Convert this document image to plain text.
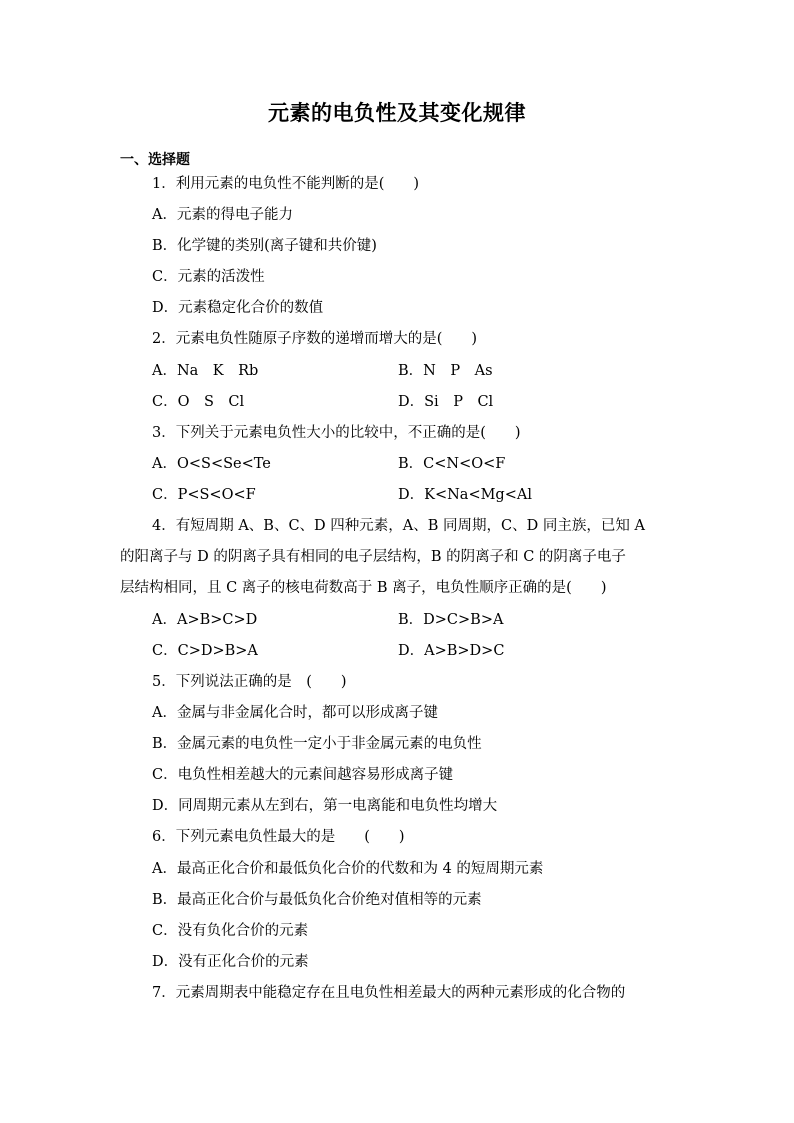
元素的电负性及其变化规律
一、选择题
1．利用元素的电负性不能判断的是(　　)
A．元素的得电子能力
B．化学键的类别(离子键和共价键)
C．元素的活泼性
D．元素稳定化合价的数值
2．元素电负性随原子序数的递增而增大的是(　　)
A．Na　K　Rb	B．N　P　As
C．O　S　Cl	D．Si　P　Cl
3．下列关于元素电负性大小的比较中，不正确的是(　　)
A．O<S<Se<Te	B．C<N<O<F
C．P<S<O<F	D．K<Na<Mg<Al
4．有短周期 A、B、C、D 四种元素，A、B 同周期，C、D 同主族，已知 A
的阳离子与 D 的阴离子具有相同的电子层结构，B 的阴离子和 C 的阴离子电子
层结构相同，且 C 离子的核电荷数高于 B 离子，电负性顺序正确的是(　　)
A．A>B>C>D	B．D>C>B>A
C．C>D>B>A	D．A>B>D>C
5．下列说法正确的是　(　　)
A．金属与非金属化合时，都可以形成离子键
B．金属元素的电负性一定小于非金属元素的电负性
C．电负性相差越大的元素间越容易形成离子键
D．同周期元素从左到右，第一电离能和电负性均增大
6．下列元素电负性最大的是　　(　　)
A．最高正化合价和最低负化合价的代数和为 4 的短周期元素
B．最高正化合价与最低负化合价绝对值相等的元素
C．没有负化合价的元素
D．没有正化合价的元素
7．元素周期表中能稳定存在且电负性相差最大的两种元素形成的化合物的
